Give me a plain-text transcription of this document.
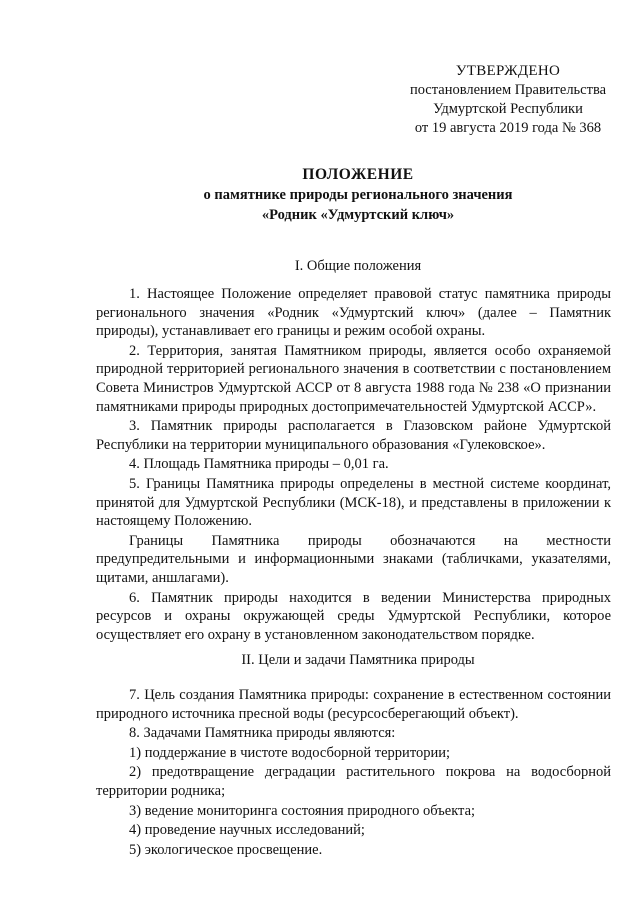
УТВЕРЖДЕНО
постановлением Правительства
Удмуртской Республики
от 19 августа 2019 года № 368
ПОЛОЖЕНИЕ
о памятнике природы регионального значения
«Родник «Удмуртский ключ»
I. Общие положения

1. Настоящее Положение определяет правовой статус памятника природы регионального значения «Родник «Удмуртский ключ» (далее – Памятник природы), устанавливает его границы и режим особой охраны.

2. Территория, занятая Памятником природы, является особо охраняемой природной территорией регионального значения в соответствии с постановлением Совета Министров Удмуртской АССР от 8 августа 1988 года № 238 «О признании памятниками природы природных достопримечательностей Удмуртской АССР».

3. Памятник природы располагается в Глазовском районе Удмуртской Республики на территории муниципального образования «Гулековское».

4. Площадь Памятника природы – 0,01 га.

5. Границы Памятника природы определены в местной системе координат, принятой для Удмуртской Республики (МСК-18), и представлены в приложении к настоящему Положению.

Границы Памятника природы обозначаются на местности предупредительными и информационными знаками (табличками, указателями, щитами, аншлагами).

6. Памятник природы находится в ведении Министерства природных ресурсов и охраны окружающей среды Удмуртской Республики, которое осуществляет его охрану в установленном законодательством порядке.

II. Цели и задачи Памятника природы

7. Цель создания Памятника природы: сохранение в естественном состоянии природного источника пресной воды (ресурсосберегающий объект).

8. Задачами Памятника природы являются:

1) поддержание в чистоте водосборной территории;

2) предотвращение деградации растительного покрова на водосборной территории родника;

3) ведение мониторинга состояния природного объекта;

4) проведение научных исследований;

5) экологическое просвещение.
